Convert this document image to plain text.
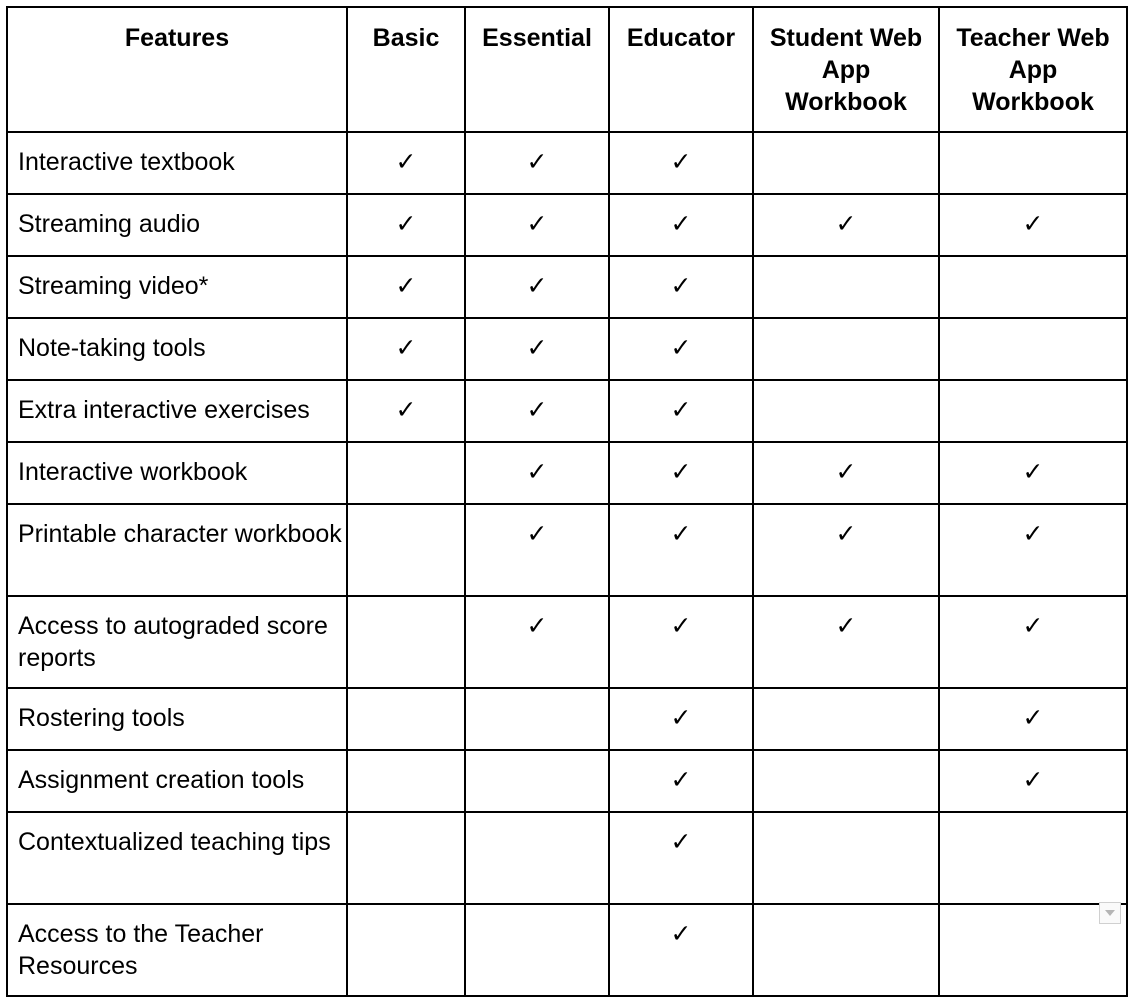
Features	Basic	Essential	Educator	Student Web App Workbook	Teacher Web App Workbook
Interactive textbook	✓	✓	✓		
Streaming audio	✓	✓	✓	✓	✓
Streaming video*	✓	✓	✓		
Note-taking tools	✓	✓	✓		
Extra interactive exercises	✓	✓	✓		
Interactive workbook		✓	✓	✓	✓
Printable character workbook		✓	✓	✓	✓
Access to autograded score reports		✓	✓	✓	✓
Rostering tools			✓		✓
Assignment creation tools			✓		✓
Contextualized teaching tips			✓		
Access to the Teacher Resources			✓		
